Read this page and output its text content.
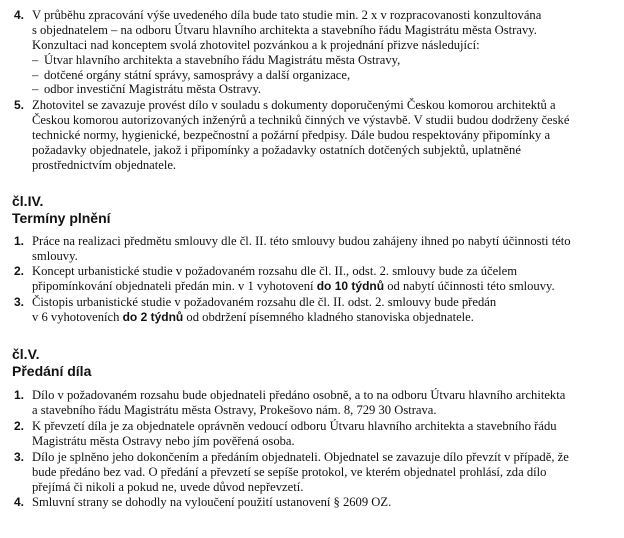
4. V průběhu zpracování výše uvedeného díla bude tato studie min. 2 x v rozpracovanosti konzultována
s objednatelem – na odboru Útvaru hlavního architekta a stavebního řádu Magistrátu města Ostravy.
Konzultaci nad konceptem svolá zhotovitel pozvánkou a k projednání přizve následující:
– Útvar hlavního architekta a stavebního řádu Magistrátu města Ostravy,
– dotčené orgány státní správy, samosprávy a další organizace,
– odbor investiční Magistrátu města Ostravy.
5. Zhotovitel se zavazuje provést dílo v souladu s dokumenty doporučenými Českou komorou architektů a
Českou komorou autorizovaných inženýrů a techniků činných ve výstavbě. V studii budou dodrženy české
technické normy, hygienické, bezpečnostní a požární předpisy. Dále budou respektovány připomínky a
požadavky objednatele, jakož i připomínky a požadavky ostatních dotčených subjektů, uplatněné
prostřednictvím objednatele.
čl.IV.
Termíny plnění
1. Práce na realizaci předmětu smlouvy dle čl. II. této smlouvy budou zahájeny ihned po nabytí účinnosti této
smlouvy.
2. Koncept urbanistické studie v požadovaném rozsahu dle čl. II., odst. 2. smlouvy bude za účelem
připomínkování objednateli předán min. v 1 vyhotovení do 10 týdnů od nabytí účinnosti této smlouvy.
3. Čistopis urbanistické studie v požadovaném rozsahu dle čl. II. odst. 2. smlouvy bude předán
v 6 vyhotoveních do 2 týdnů od obdržení písemného kladného stanoviska objednatele.
čl.V.
Předání díla
1. Dílo v požadovaném rozsahu bude objednateli předáno osobně, a to na odboru Útvaru hlavního architekta
a stavebního řádu Magistrátu města Ostravy, Prokešovo nám. 8, 729 30 Ostrava.
2. K převzetí díla je za objednatele oprávněn vedoucí odboru Útvaru hlavního architekta a stavebního řádu
Magistrátu města Ostravy nebo jím pověřená osoba.
3. Dílo je splněno jeho dokončením a předáním objednateli. Objednatel se zavazuje dílo převzít v případě, že
bude předáno bez vad. O předání a převzetí se sepíše protokol, ve kterém objednatel prohlásí, zda dílo
přejímá či nikoli a pokud ne, uvede důvod nepřevzetí.
4. Smluvní strany se dohodly na vyloučení použití ustanovení § 2609 OZ.
